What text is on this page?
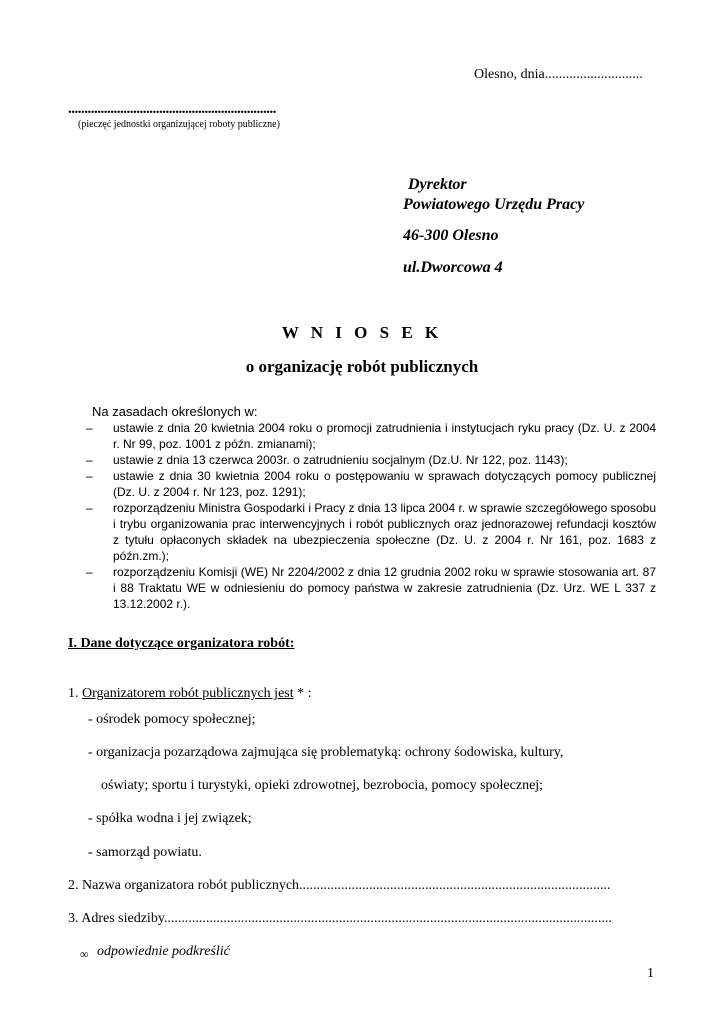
Olesno, dnia............................
................................................................
(pieczęć jednostki organizującej roboty publiczne)
Dyrektor
Powiatowego Urzędu Pracy
46-300 Olesno
ul.Dworcowa 4
W N I O S E K
o organizację robót publicznych
Na zasadach określonych w:
– ustawie z dnia 20 kwietnia 2004 roku o promocji zatrudnienia i instytucjach ryku pracy (Dz. U. z 2004 r. Nr 99, poz. 1001 z późn. zmianami);
– ustawie z dnia 13 czerwca 2003r. o zatrudnieniu socjalnym (Dz.U. Nr 122, poz. 1143);
– ustawie z dnia 30 kwietnia 2004 roku o postępowaniu w sprawach dotyczących pomocy publicznej (Dz. U. z 2004 r. Nr 123, poz. 1291);
– rozporządzeniu Ministra Gospodarki i Pracy z dnia 13 lipca 2004 r. w sprawie szczegółowego sposobu i trybu organizowania prac interwencyjnych i robót publicznych oraz jednorazowej refundacji kosztów z tytułu opłaconych składek na ubezpieczenia społeczne (Dz. U. z 2004 r. Nr 161, poz. 1683 z późn.zm.);
– rozporządzeniu Komisji (WE) Nr 2204/2002 z dnia 12 grudnia 2002 roku w sprawie stosowania art. 87 i 88 Traktatu WE w odniesieniu do pomocy państwa w zakresie zatrudnienia (Dz. Urz. WE L 337 z 13.12.2002 r.).
I. Dane dotyczące organizatora robót:
1. Organizatorem robót publicznych jest * :
- ośrodek pomocy społecznej;
- organizacja pozarządowa zajmująca się problematyką: ochrony śodowiska, kultury,
oświaty; sportu i turystyki, opieki zdrowotnej, bezrobocia, pomocy społecznej;
- spółka wodna i jej związek;
- samorząd powiatu.
2. Nazwa organizatora robót publicznych.........................................................................................
3. Adres siedziby................................................................................................................................
∞ odpowiednie podkreślić
1
